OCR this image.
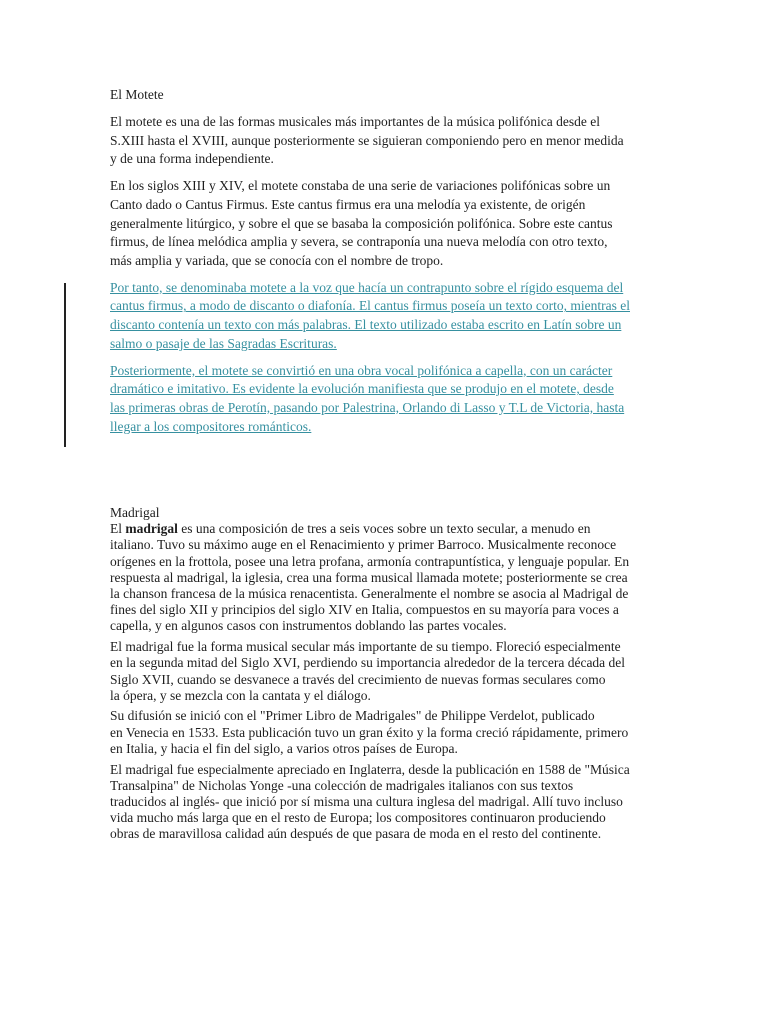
El Motete
El motete es una de las formas musicales más importantes de la música polifónica desde el
S.XIII hasta el XVIII, aunque posteriormente se siguieran componiendo pero en menor medida
y de una forma independiente.
En los siglos XIII y XIV, el motete constaba de una serie de variaciones polifónicas sobre un
Canto dado o Cantus Firmus. Este cantus firmus era una melodía ya existente, de origén
generalmente litúrgico, y sobre el que se basaba la composición polifónica. Sobre este cantus
firmus, de línea melódica amplia y severa, se contraponía una nueva melodía con otro texto,
más amplia y variada, que se conocía con el nombre de tropo.
Por tanto, se denominaba motete a la voz que hacía un contrapunto sobre el rígido esquema del
cantus firmus, a modo de discanto o diafonía. El cantus firmus poseía un texto corto, mientras el
discanto contenía un texto con más palabras. El texto utilizado estaba escrito en Latín sobre un
salmo o pasaje de las Sagradas Escrituras.
Posteriormente, el motete se convirtió en una obra vocal polifónica a capella, con un carácter
dramático e imitativo. Es evidente la evolución manifiesta que se produjo en el motete, desde
las primeras obras de Perotín, pasando por Palestrina, Orlando di Lasso y T.L de Victoria, hasta
llegar a los compositores románticos.
Madrigal
El madrigal es una composición de tres a seis voces sobre un texto secular, a menudo en
italiano. Tuvo su máximo auge en el Renacimiento y primer Barroco. Musicalmente reconoce
orígenes en la frottola, posee una letra profana, armonía contrapuntística, y lenguaje popular. En
respuesta al madrigal, la iglesia, crea una forma musical llamada motete; posteriormente se crea
la chanson francesa de la música renacentista. Generalmente el nombre se asocia al Madrigal de
fines del siglo XII y principios del siglo XIV en Italia, compuestos en su mayoría para voces a
capella, y en algunos casos con instrumentos doblando las partes vocales.
El madrigal fue la forma musical secular más importante de su tiempo. Floreció especialmente
en la segunda mitad del Siglo XVI, perdiendo su importancia alrededor de la tercera década del
Siglo XVII, cuando se desvanece a través del crecimiento de nuevas formas seculares como
la ópera, y se mezcla con la cantata y el diálogo.
Su difusión se inició con el "Primer Libro de Madrigales" de Philippe Verdelot, publicado
en Venecia en 1533. Esta publicación tuvo un gran éxito y la forma creció rápidamente, primero
en Italia, y hacia el fin del siglo, a varios otros países de Europa.
El madrigal fue especialmente apreciado en Inglaterra, desde la publicación en 1588 de "Música
Transalpina" de Nicholas Yonge -una colección de madrigales italianos con sus textos
traducidos al inglés- que inició por sí misma una cultura inglesa del madrigal. Allí tuvo incluso
vida mucho más larga que en el resto de Europa; los compositores continuaron produciendo
obras de maravillosa calidad aún después de que pasara de moda en el resto del continente.
